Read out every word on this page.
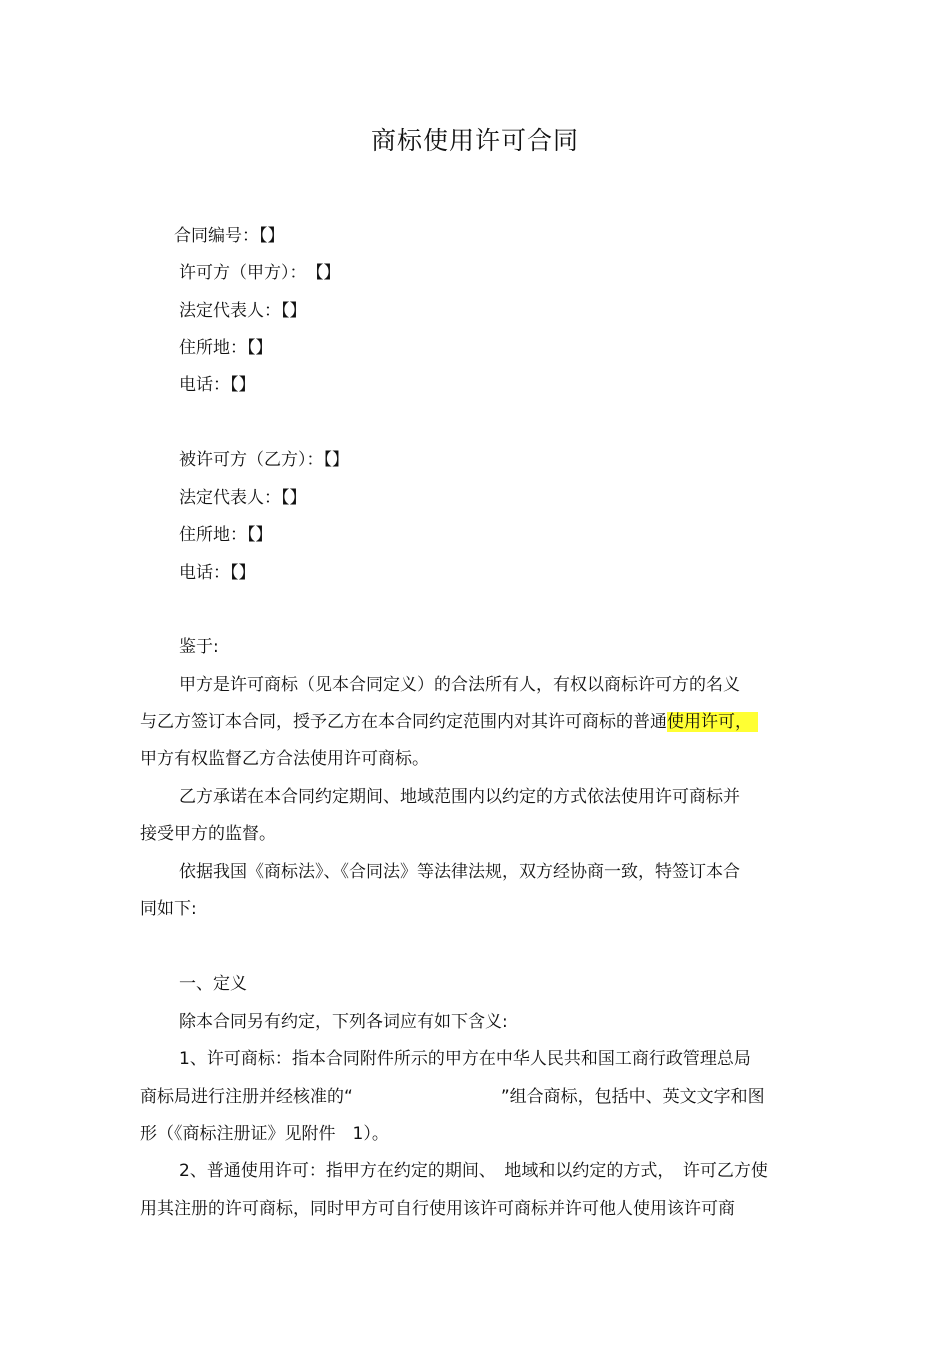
商标使用许可合同
合同编号：【】
许可方（甲方）：　【】
法定代表人：【】
住所地：【】
电话：【】
被许可方（乙方）：【】
法定代表人：【】
住所地：【】
电话：【】
鉴于:
甲方是许可商标（见本合同定义）的合法所有人，有权以商标许可方的名义
与乙方签订本合同，授予乙方在本合同约定范围内对其许可商标的普通使用许可，
甲方有权监督乙方合法使用许可商标。
乙方承诺在本合同约定期间、地域范围内以约定的方式依法使用许可商标并
接受甲方的监督。
依据我国《商标法》、《合同法》等法律法规，双方经协商一致，特签订本合
同如下:
一、定义
除本合同另有约定，下列各词应有如下含义:
1、许可商标：指本合同附件所示的甲方在中华人民共和国工商行政管理总局
商标局进行注册并经核准的“	”组合商标，包括中、英文文字和图
形（《商标注册证》见附件　1）。
2、普通使用许可：指甲方在约定的期间、　地域和以约定的方式，　许可乙方使
用其注册的许可商标，同时甲方可自行使用该许可商标并许可他人使用该许可商
